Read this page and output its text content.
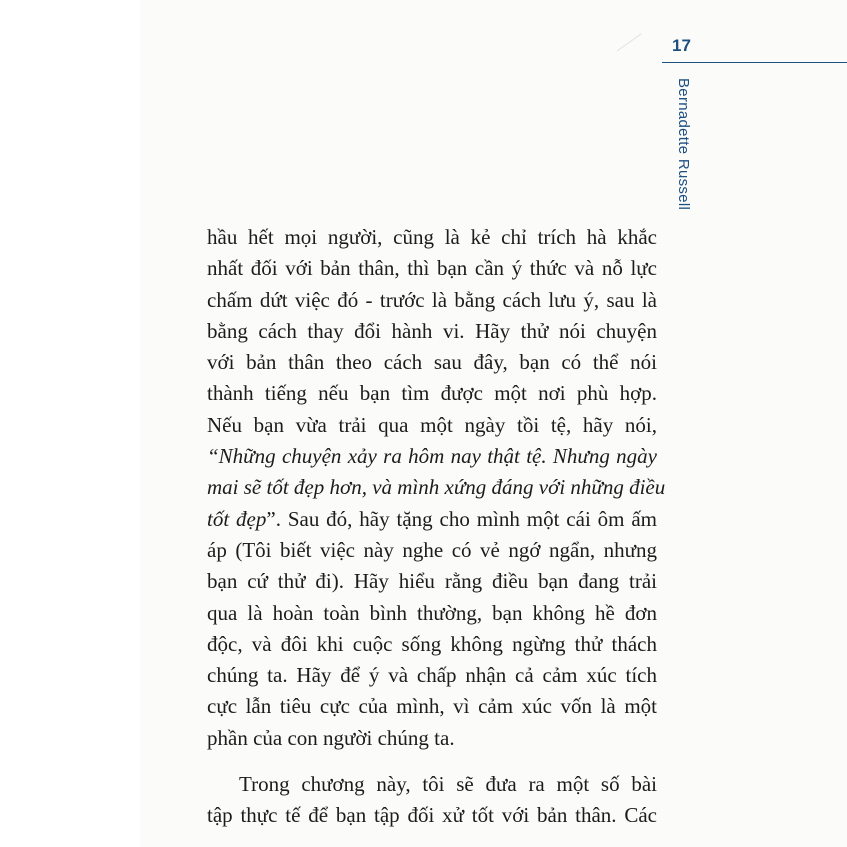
17
Bernadette Russell
hầu hết mọi người, cũng là kẻ chỉ trích hà khắc
nhất đối với bản thân, thì bạn cần ý thức và nỗ lực
chấm dứt việc đó - trước là bằng cách lưu ý, sau là
bằng cách thay đổi hành vi. Hãy thử nói chuyện
với bản thân theo cách sau đây, bạn có thể nói
thành tiếng nếu bạn tìm được một nơi phù hợp.
Nếu bạn vừa trải qua một ngày tồi tệ, hãy nói,
“Những chuyện xảy ra hôm nay thật tệ. Nhưng ngày
mai sẽ tốt đẹp hơn, và mình xứng đáng với những điều
tốt đẹp”. Sau đó, hãy tặng cho mình một cái ôm ấm
áp (Tôi biết việc này nghe có vẻ ngớ ngẩn, nhưng
bạn cứ thử đi). Hãy hiểu rằng điều bạn đang trải
qua là hoàn toàn bình thường, bạn không hề đơn
độc, và đôi khi cuộc sống không ngừng thử thách
chúng ta. Hãy để ý và chấp nhận cả cảm xúc tích
cực lẫn tiêu cực của mình, vì cảm xúc vốn là một
phần của con người chúng ta.
Trong chương này, tôi sẽ đưa ra một số bài
tập thực tế để bạn tập đối xử tốt với bản thân. Các
